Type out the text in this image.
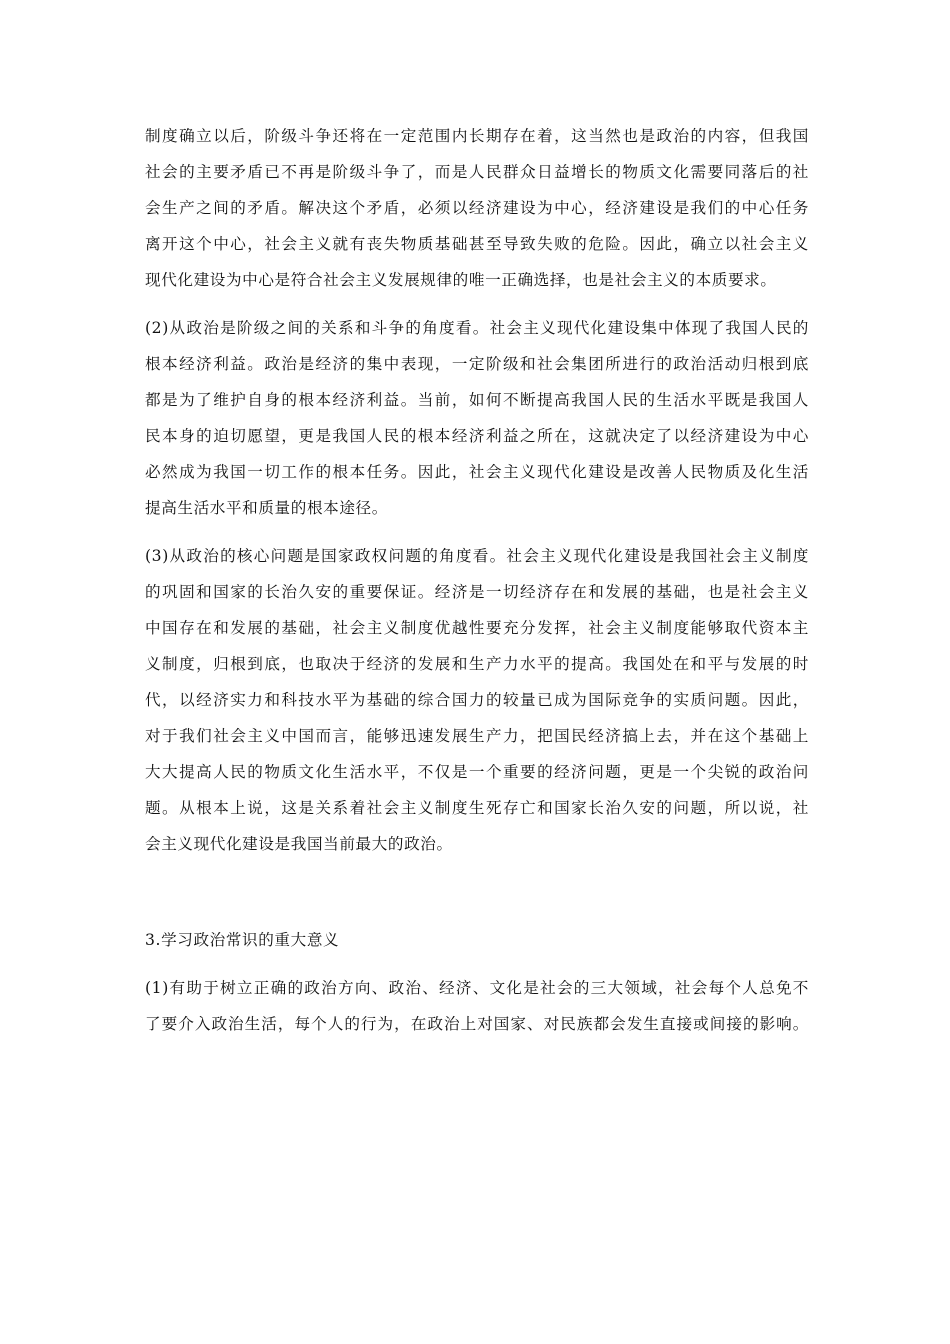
制度确立以后，阶级斗争还将在一定范围内长期存在着，这当然也是政治的内容，但我国
社会的主要矛盾已不再是阶级斗争了，而是人民群众日益增长的物质文化需要同落后的社
会生产之间的矛盾。解决这个矛盾，必须以经济建设为中心，经济建设是我们的中心任务
离开这个中心，社会主义就有丧失物质基础甚至导致失败的危险。因此，确立以社会主义
现代化建设为中心是符合社会主义发展规律的唯一正确选择，也是社会主义的本质要求。
(2)从政治是阶级之间的关系和斗争的角度看。社会主义现代化建设集中体现了我国人民的
根本经济利益。政治是经济的集中表现，一定阶级和社会集团所进行的政治活动归根到底
都是为了维护自身的根本经济利益。当前，如何不断提高我国人民的生活水平既是我国人
民本身的迫切愿望，更是我国人民的根本经济利益之所在，这就决定了以经济建设为中心
必然成为我国一切工作的根本任务。因此，社会主义现代化建设是改善人民物质及化生活
提高生活水平和质量的根本途径。
(3)从政治的核心问题是国家政权问题的角度看。社会主义现代化建设是我国社会主义制度
的巩固和国家的长治久安的重要保证。经济是一切经济存在和发展的基础，也是社会主义
中国存在和发展的基础，社会主义制度优越性要充分发挥，社会主义制度能够取代资本主
义制度，归根到底，也取决于经济的发展和生产力水平的提高。我国处在和平与发展的时
代，以经济实力和科技水平为基础的综合国力的较量已成为国际竞争的实质问题。因此，
对于我们社会主义中国而言，能够迅速发展生产力，把国民经济搞上去，并在这个基础上
大大提高人民的物质文化生活水平，不仅是一个重要的经济问题，更是一个尖锐的政治问
题。从根本上说，这是关系着社会主义制度生死存亡和国家长治久安的问题，所以说，社
会主义现代化建设是我国当前最大的政治。
3.学习政治常识的重大意义
(1)有助于树立正确的政治方向、政治、经济、文化是社会的三大领域，社会每个人总免不
了要介入政治生活，每个人的行为，在政治上对国家、对民族都会发生直接或间接的影响。
